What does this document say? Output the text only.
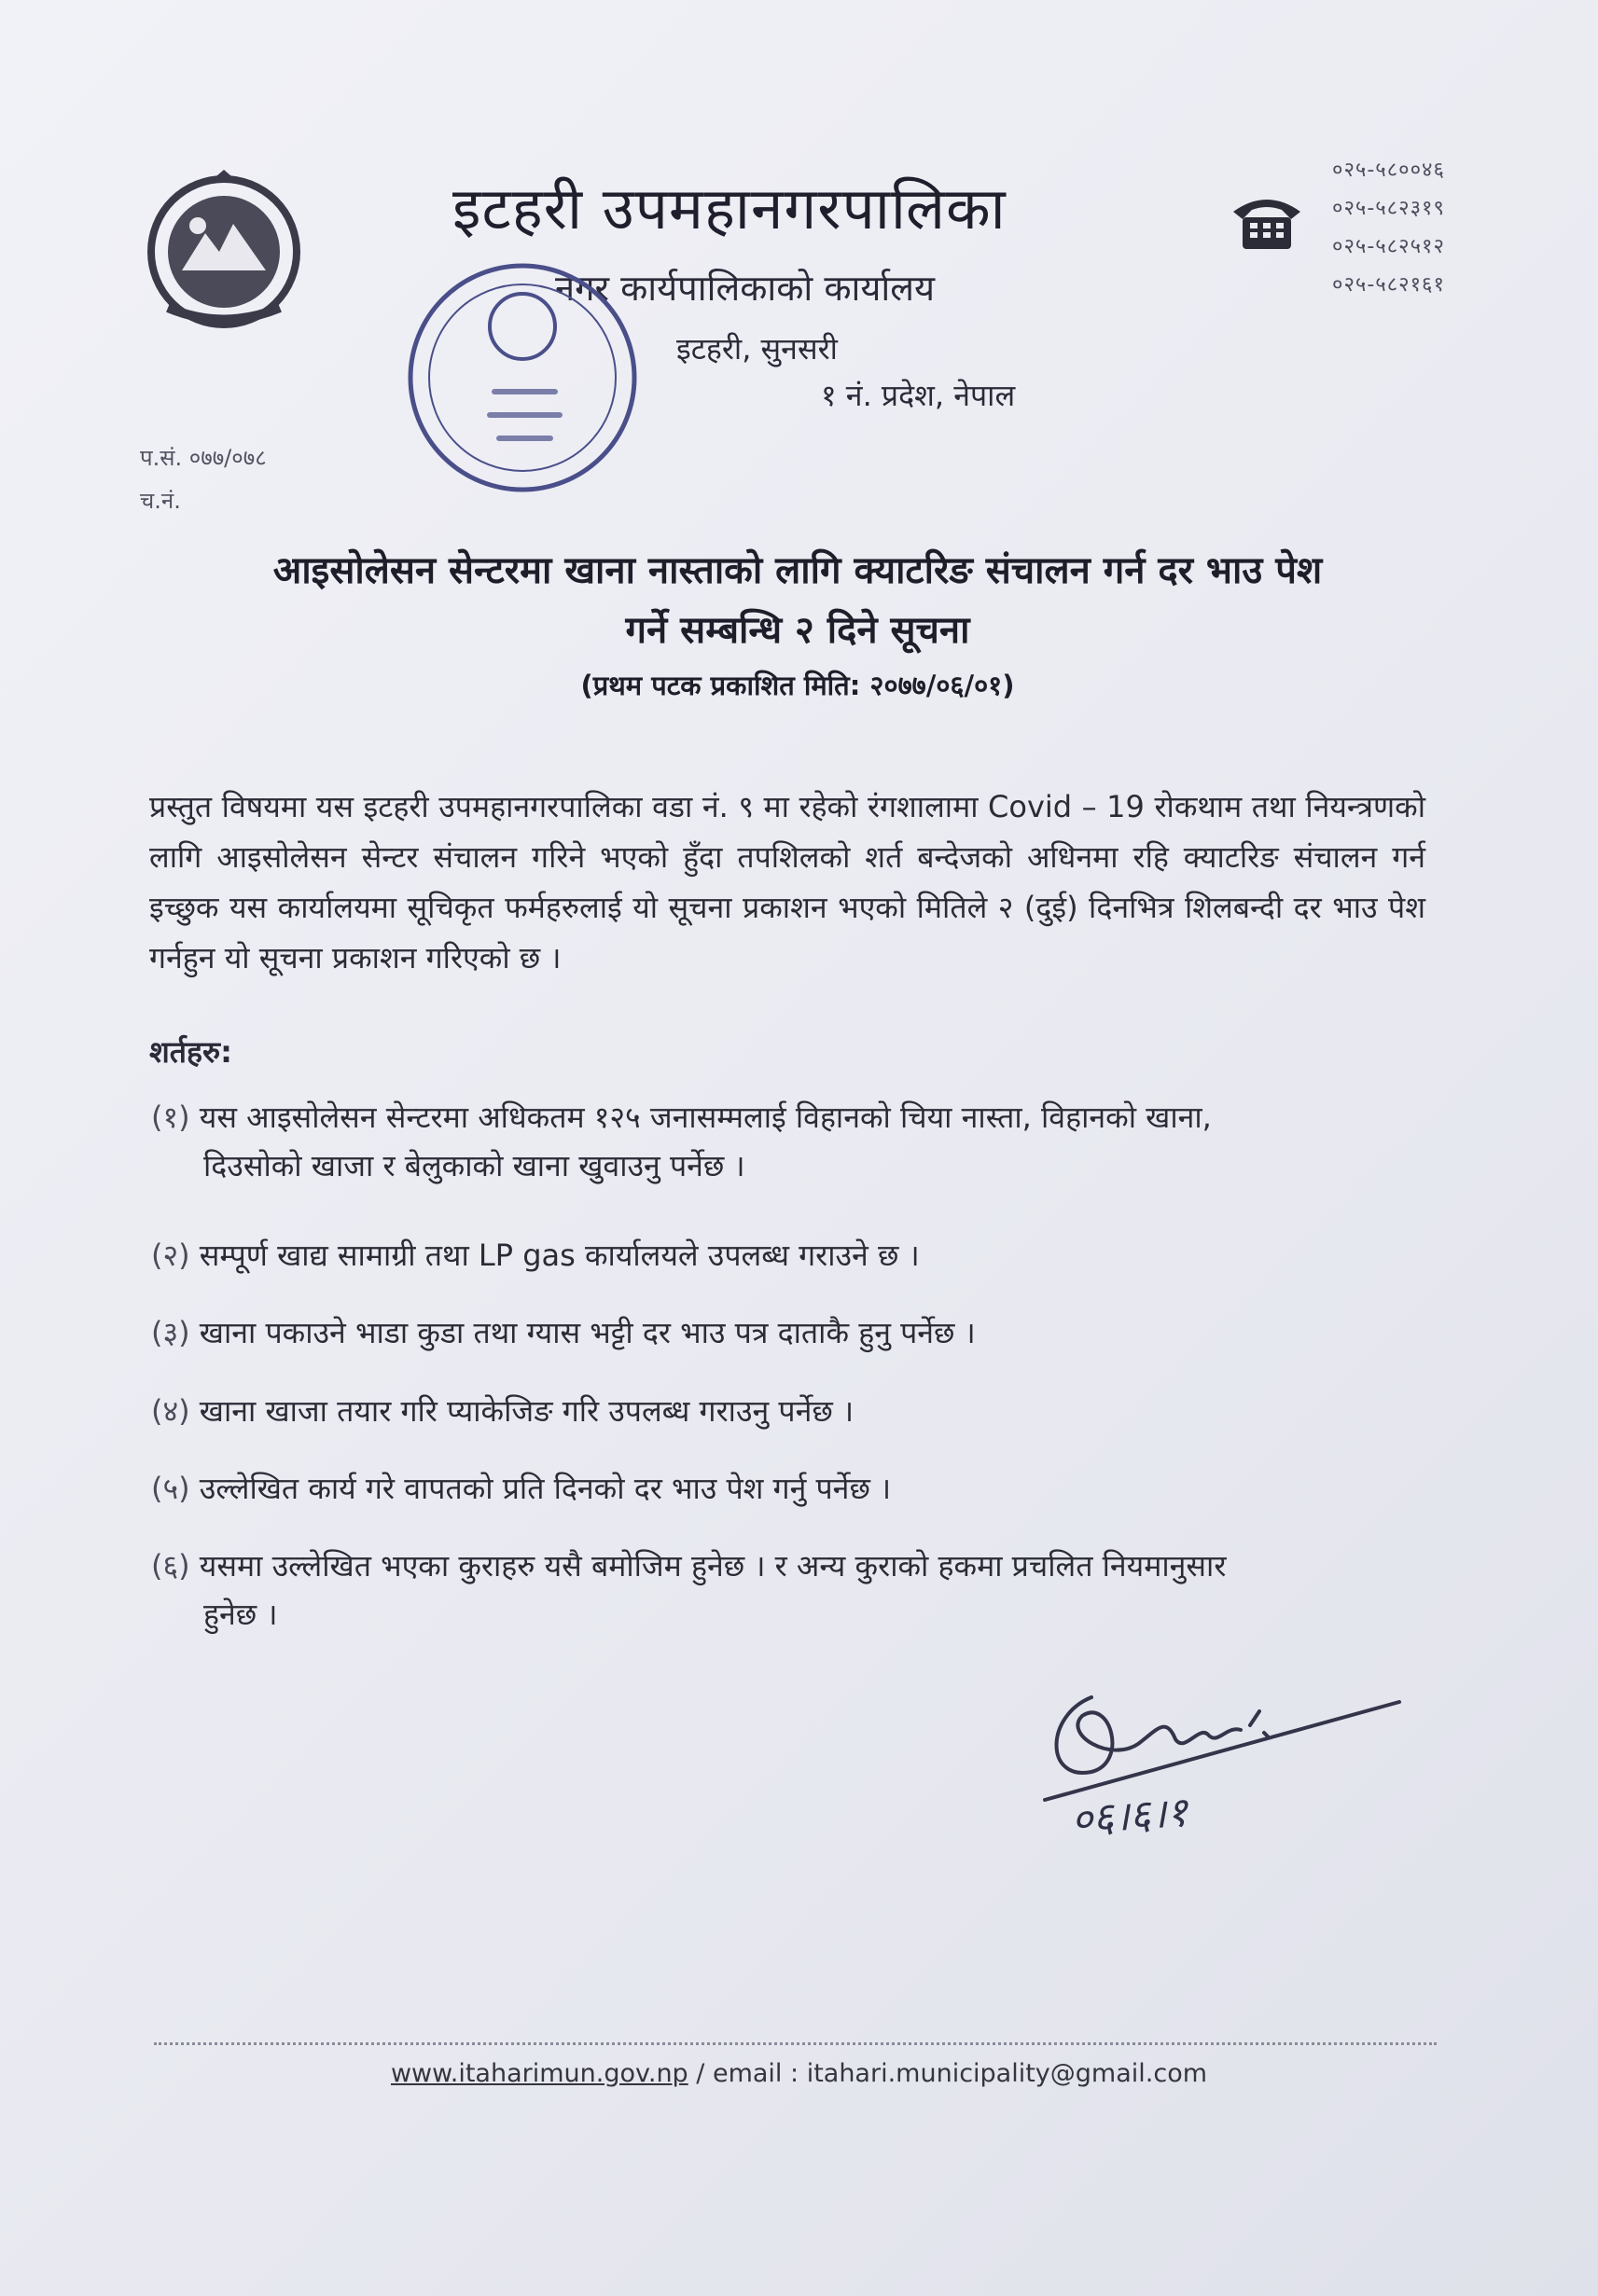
इटहरी उपमहानगरपालिका
नगर कार्यपालिकाको कार्यालय
इटहरी, सुनसरी
१ नं. प्रदेश, नेपाल
०२५-५८००४६
०२५-५८२३१९
०२५-५८२५१२
०२५-५८२१६१
प.सं. ०७७/०७८
च.नं.
आइसोलेसन सेन्टरमा खाना नास्ताको लागि क्याटरिङ संचालन गर्न दर भाउ पेश
गर्ने सम्बन्धि २ दिने सूचना
(प्रथम पटक प्रकाशित मिति: २०७७/०६/०१)
प्रस्तुत विषयमा यस इटहरी उपमहानगरपालिका वडा नं. ९ मा रहेको रंगशालामा Covid – 19 रोकथाम तथा नियन्त्रणको लागि आइसोलेसन सेन्टर संचालन गरिने भएको हुँदा तपशिलको शर्त बन्देजको अधिनमा रहि क्याटरिङ संचालन गर्न इच्छुक यस कार्यालयमा सूचिकृत फर्महरुलाई यो सूचना प्रकाशन भएको मितिले २ (दुई) दिनभित्र शिलबन्दी दर भाउ पेश गर्नहुन यो सूचना प्रकाशन गरिएको छ ।
शर्तहरु:
(१) यस आइसोलेसन सेन्टरमा अधिकतम १२५ जनासम्मलाई विहानको चिया नास्ता, विहानको खाना,
दिउसोको खाजा र बेलुकाको खाना खुवाउनु पर्नेछ ।
(२) सम्पूर्ण खाद्य सामाग्री तथा LP gas कार्यालयले उपलब्ध गराउने छ ।
(३) खाना पकाउने भाडा कुडा तथा ग्यास भट्टी दर भाउ पत्र दाताकै हुनु पर्नेछ ।
(४) खाना खाजा तयार गरि प्याकेजिङ गरि उपलब्ध गराउनु पर्नेछ ।
(५) उल्लेखित कार्य गरे वापतको प्रति दिनको दर भाउ पेश गर्नु पर्नेछ ।
(६) यसमा उल्लेखित भएका कुराहरु यसै बमोजिम हुनेछ । र अन्य कुराको हकमा प्रचलित नियमानुसार
हुनेछ ।
०६।६।१
www.itaharimun.gov.np / email : itahari.municipality@gmail.com
